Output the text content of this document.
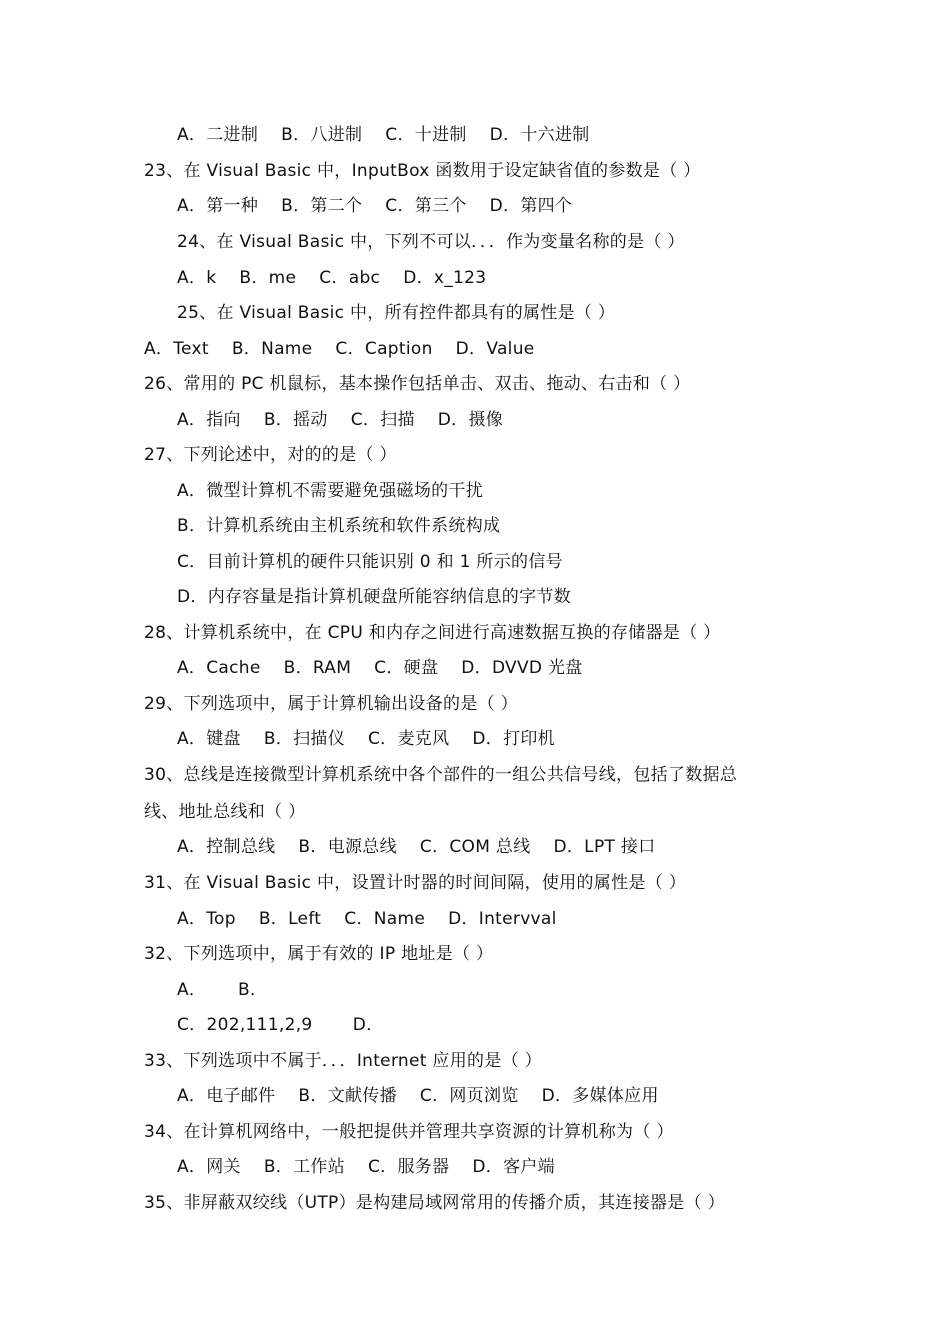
A．二进制　 B．八进制　 C．十进制　 D．十六进制
23、在 Visual Basic 中，InputBox 函数用于设定缺省值的参数是（ ）
A．第一种　 B．第二个　 C．第三个　 D．第四个
24、在 Visual Basic 中，下列不可以．．．作为变量名称的是（ ）
A．k　 B．me　 C．abc　 D．x_123
25、在 Visual Basic 中，所有控件都具有的属性是（ ）
A．Text　 B．Name　 C．Caption　 D．Value
26、常用的 PC 机鼠标，基本操作包括单击、双击、拖动、右击和（ ）
A．指向　 B．摇动　 C．扫描　 D．摄像
27、下列论述中，对的的是（ ）
A．微型计算机不需要避免强磁场的干扰
B．计算机系统由主机系统和软件系统构成
C．目前计算机的硬件只能识别 0 和 1 所示的信号
D．内存容量是指计算机硬盘所能容纳信息的字节数
28、计算机系统中，在 CPU 和内存之间进行高速数据互换的存储器是（ ）
A．Cache　 B．RAM　 C．硬盘　 D．DVVD 光盘
29、下列选项中，属于计算机输出设备的是（ ）
A．键盘　 B．扫描仪　 C．麦克风　 D．打印机
30、总线是连接微型计算机系统中各个部件的一组公共信号线，包括了数据总
线、地址总线和（ ）
A．控制总线　 B．电源总线　 C．COM 总线　 D．LPT 接口
31、在 Visual Basic 中，设置计时器的时间间隔，使用的属性是（ ）
A．Top　 B．Left　 C．Name　 D．Intervval
32、下列选项中，属于有效的 IP 地址是（ ）
A．　　 B．
C．202,111,2,9　　 D．
33、下列选项中不属于．．．Internet 应用的是（ ）
A．电子邮件　 B．文献传播　 C．网页浏览　 D．多媒体应用
34、在计算机网络中，一般把提供并管理共享资源的计算机称为（ ）
A．网关　 B．工作站　 C．服务器　 D．客户端
35、非屏蔽双绞线（UTP）是构建局域网常用的传播介质，其连接器是（ ）
